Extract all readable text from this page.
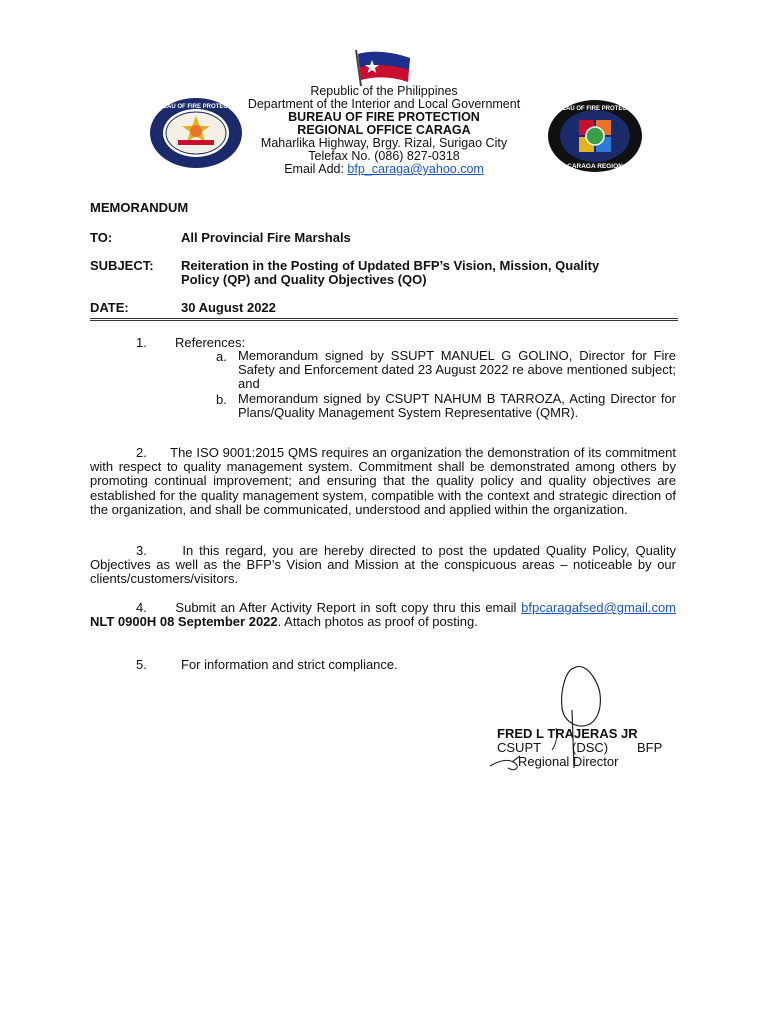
BUREAU OF FIRE PROTECTION	BUREAU OF FIRE PROTECTION
CARAGA REGION
Republic of the Philippines
Department of the Interior and Local Government
BUREAU OF FIRE PROTECTION
REGIONAL OFFICE CARAGA
Maharlika Highway, Brgy. Rizal, Surigao City
Telefax No. (086) 827-0318
Email Add: bfp_caraga@yahoo.com
MEMORANDUM
TO:	All Provincial Fire Marshals
SUBJECT: Reiteration in the Posting of Updated BFP’s Vision, Mission, Quality
Policy (QP) and Quality Objectives (QO)
DATE:	30 August 2022
1. References:
a. Memorandum signed by SSUPT MANUEL G GOLINO, Director for Fire Safety and Enforcement dated 23 August 2022 re above mentioned subject; and
b. Memorandum signed by CSUPT NAHUM B TARROZA, Acting Director for Plans/Quality Management System Representative (QMR).
2. The ISO 9001:2015 QMS requires an organization the demonstration of its commitment with respect to quality management system. Commitment shall be demonstrated among others by promoting continual improvement; and ensuring that the quality policy and quality objectives are established for the quality management system, compatible with the context and strategic direction of the organization, and shall be communicated, understood and applied within the organization.
3.	In this regard, you are hereby directed to post the updated Quality Policy, Quality Objectives as well as the BFP’s Vision and Mission at the conspicuous areas – noticeable by our clients/customers/visitors.
4. Submit an After Activity Report in soft copy thru this email bfpcaragafsed@gmail.com NLT 0900H 08 September 2022. Attach photos as proof of posting.
5.	For information and strict compliance.
FRED L TRAJERAS JR
CSUPT (DSC) BFP
Regional Director
